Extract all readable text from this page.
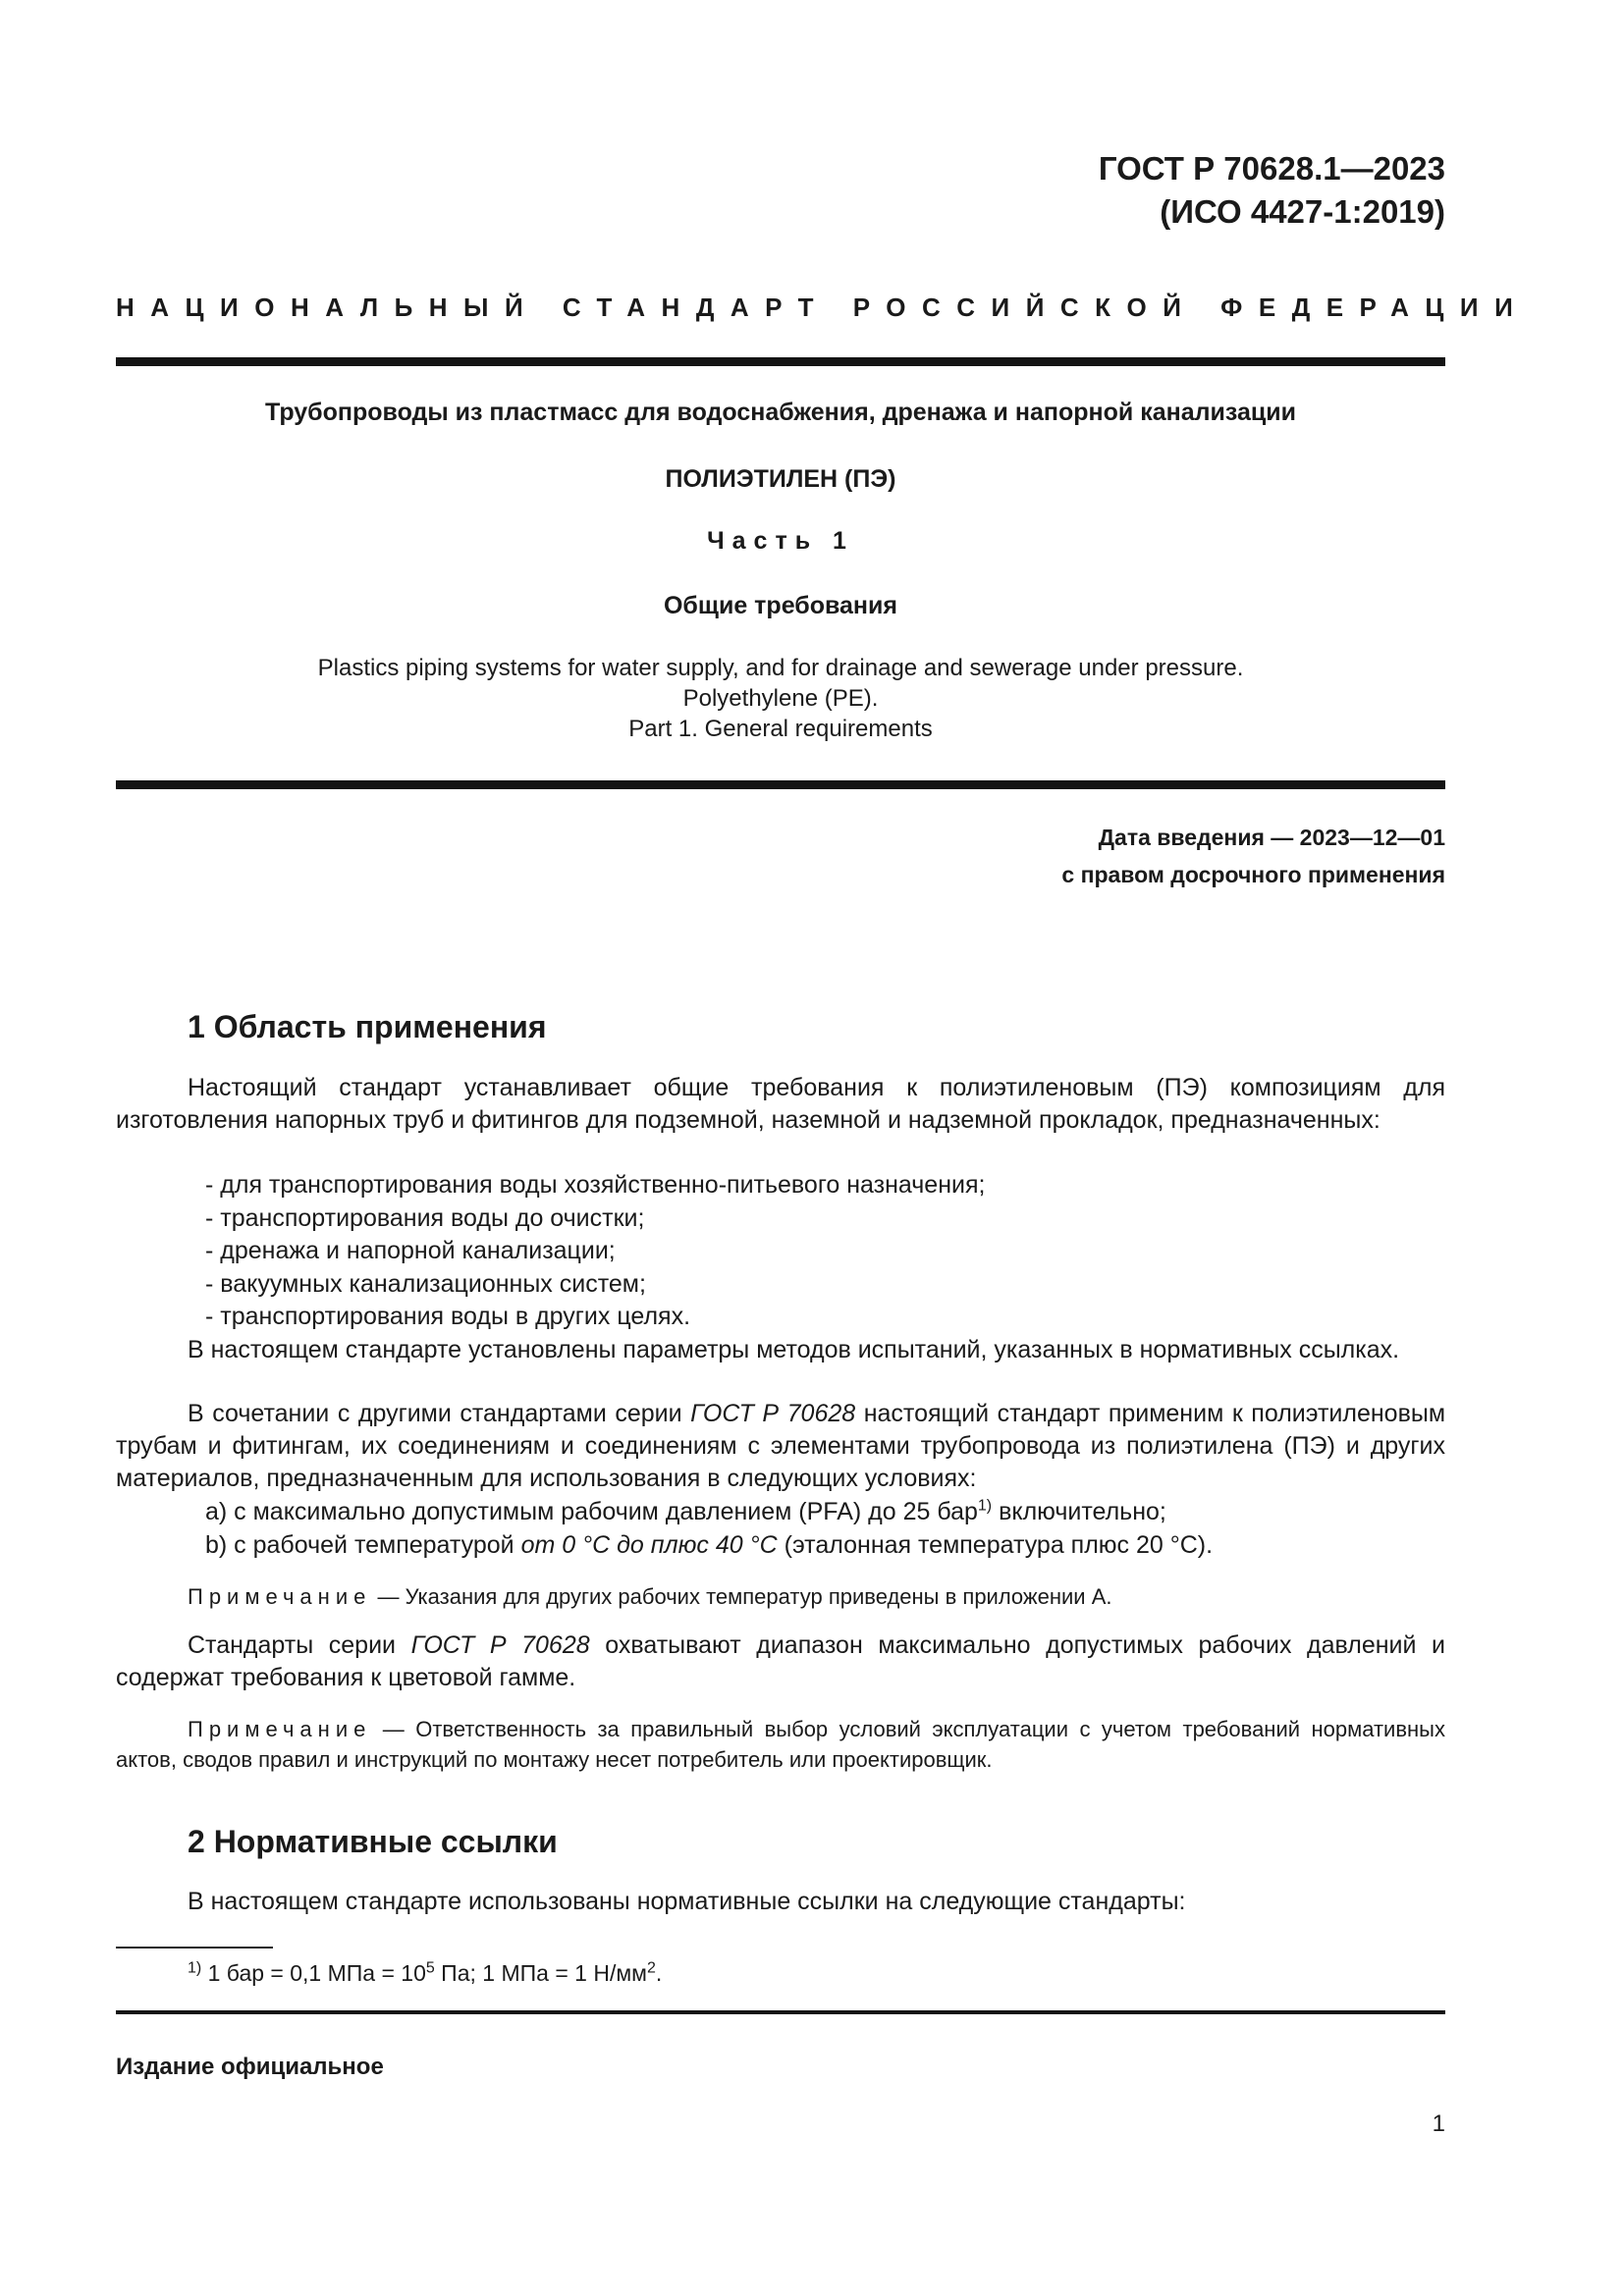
ГОСТ Р 70628.1—2023
(ИСО 4427-1:2019)
НАЦИОНАЛЬНЫЙ СТАНДАРТ РОССИЙСКОЙ ФЕДЕРАЦИИ
Трубопроводы из пластмасс для водоснабжения, дренажа и напорной канализации
ПОЛИЭТИЛЕН (ПЭ)
Часть 1
Общие требования
Plastics piping systems for water supply, and for drainage and sewerage under pressure.
Polyethylene (PE).
Part 1. General requirements
Дата введения — 2023—12—01
с правом досрочного применения
1 Область применения

Настоящий стандарт устанавливает общие требования к полиэтиленовым (ПЭ) композициям для изготовления напорных труб и фитингов для подземной, наземной и надземной прокладок, предназначенных:

- для транспортирования воды хозяйственно-питьевого назначения;
- транспортирования воды до очистки;
- дренажа и напорной канализации;
- вакуумных канализационных систем;
- транспортирования воды в других целях.

В настоящем стандарте установлены параметры методов испытаний, указанных в нормативных ссылках.

В сочетании с другими стандартами серии ГОСТ Р 70628 настоящий стандарт применим к полиэтиленовым трубам и фитингам, их соединениям и соединениям с элементами трубопровода из полиэтилена (ПЭ) и других материалов, предназначенным для использования в следующих условиях:

a) с максимально допустимым рабочим давлением (PFA) до 25 бар$^{1)}$ включительно;
b) с рабочей температурой от 0 °С до плюс 40 °С (эталонная температура плюс 20 °С).
Примечание — Указания для других рабочих температур приведены в приложении А.

Стандарты серии ГОСТ Р 70628 охватывают диапазон максимально допустимых рабочих давлений и содержат требования к цветовой гамме.

Примечание — Ответственность за правильный выбор условий эксплуатации с учетом требований нормативных актов, сводов правил и инструкций по монтажу несет потребитель или проектировщик.
2 Нормативные ссылки

В настоящем стандарте использованы нормативные ссылки на следующие стандарты:

$^{1)}$ 1 бар = 0,1 МПа = $10^5$ Па; 1 МПа = 1 $Н/мм^2$.
Издание официальное
1
